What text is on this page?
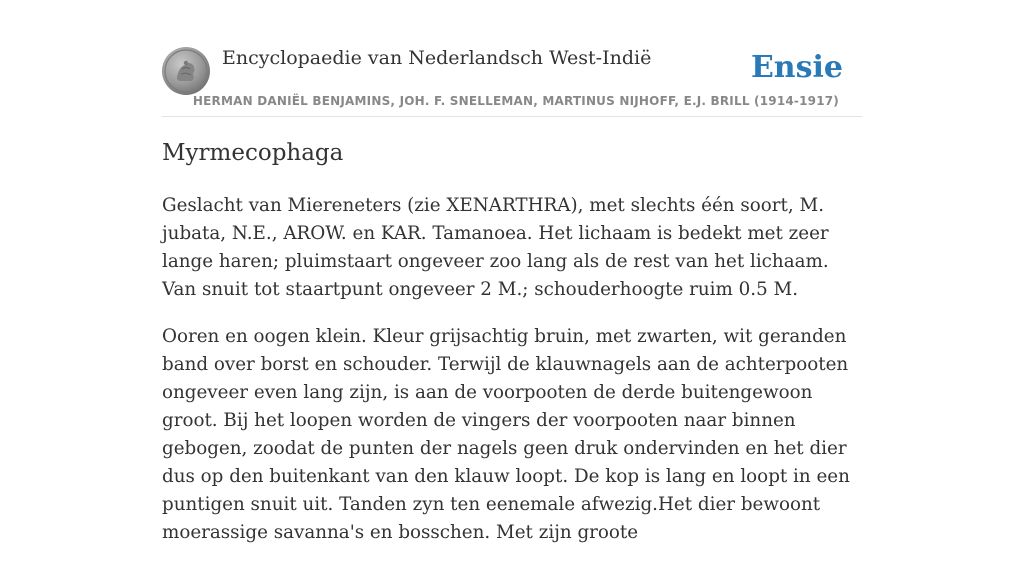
Encyclopaedie van Nederlandsch West-Indië	Ensie
HERMAN DANIËL BENJAMINS, JOH. F. SNELLEMAN, MARTINUS NIJHOFF, E.J. BRILL (1914-1917)
Myrmecophaga

Geslacht van Miereneters (zie XENARTHRA), met slechts één soort, M. jubata, N.E., AROW. en KAR. Tamanoea. Het lichaam is bedekt met zeer lange haren; pluimstaart ongeveer zoo lang als de rest van het lichaam. Van snuit tot staartpunt ongeveer 2 M.; schouderhoogte ruim 0.5 M.

Ooren en oogen klein. Kleur grijsachtig bruin, met zwarten, wit geranden band over borst en schouder. Terwijl de klauwnagels aan de achterpooten ongeveer even lang zijn, is aan de voorpooten de derde buitengewoon groot. Bij het loopen worden de vingers der voorpooten naar binnen gebogen, zoodat de punten der nagels geen druk ondervinden en het dier dus op den buitenkant van den klauw loopt. De kop is lang en loopt in een puntigen snuit uit. Tanden zyn ten eenemale afwezig.Het dier bewoont moerassige savanna's en bosschen. Met zijn groote
